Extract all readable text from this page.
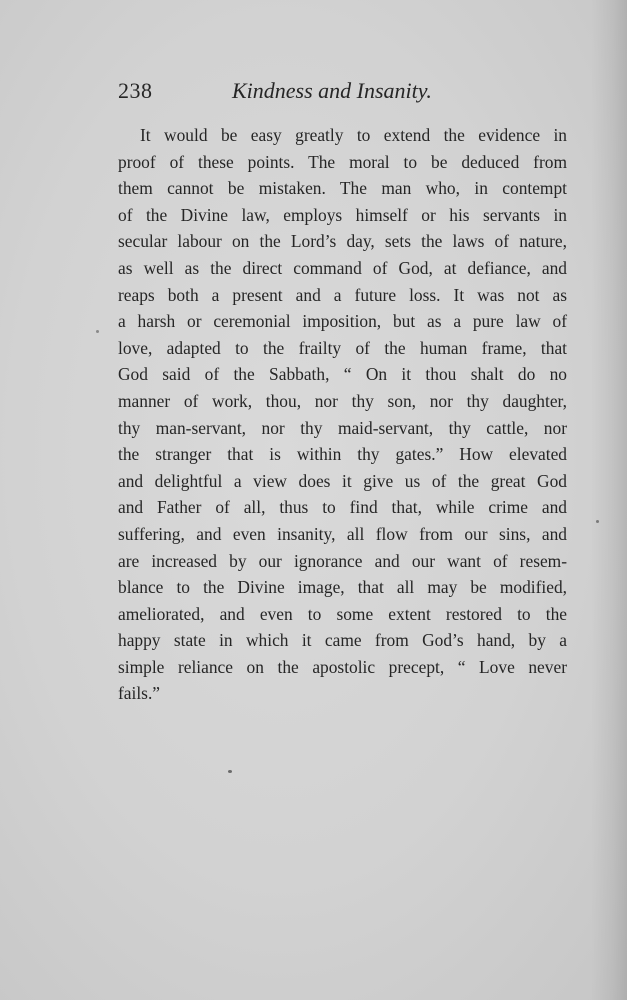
238	Kindness and Insanity.
It would be easy greatly to extend the evidence in
proof of these points. The moral to be deduced from
them cannot be mistaken. The man who, in contempt
of the Divine law, employs himself or his servants in
secular labour on the Lord’s day, sets the laws of nature,
as well as the direct command of God, at defiance, and
reaps both a present and a future loss. It was not as
a harsh or ceremonial imposition, but as a pure law of
love, adapted to the frailty of the human frame, that
God said of the Sabbath, “ On it thou shalt do no
manner of work, thou, nor thy son, nor thy daughter,
thy man-servant, nor thy maid-servant, thy cattle, nor
the stranger that is within thy gates.” How elevated
and delightful a view does it give us of the great God
and Father of all, thus to find that, while crime and
suffering, and even insanity, all flow from our sins, and
are increased by our ignorance and our want of resem-
blance to the Divine image, that all may be modified,
ameliorated, and even to some extent restored to the
happy state in which it came from God’s hand, by a
simple reliance on the apostolic precept, “ Love never
fails.”
